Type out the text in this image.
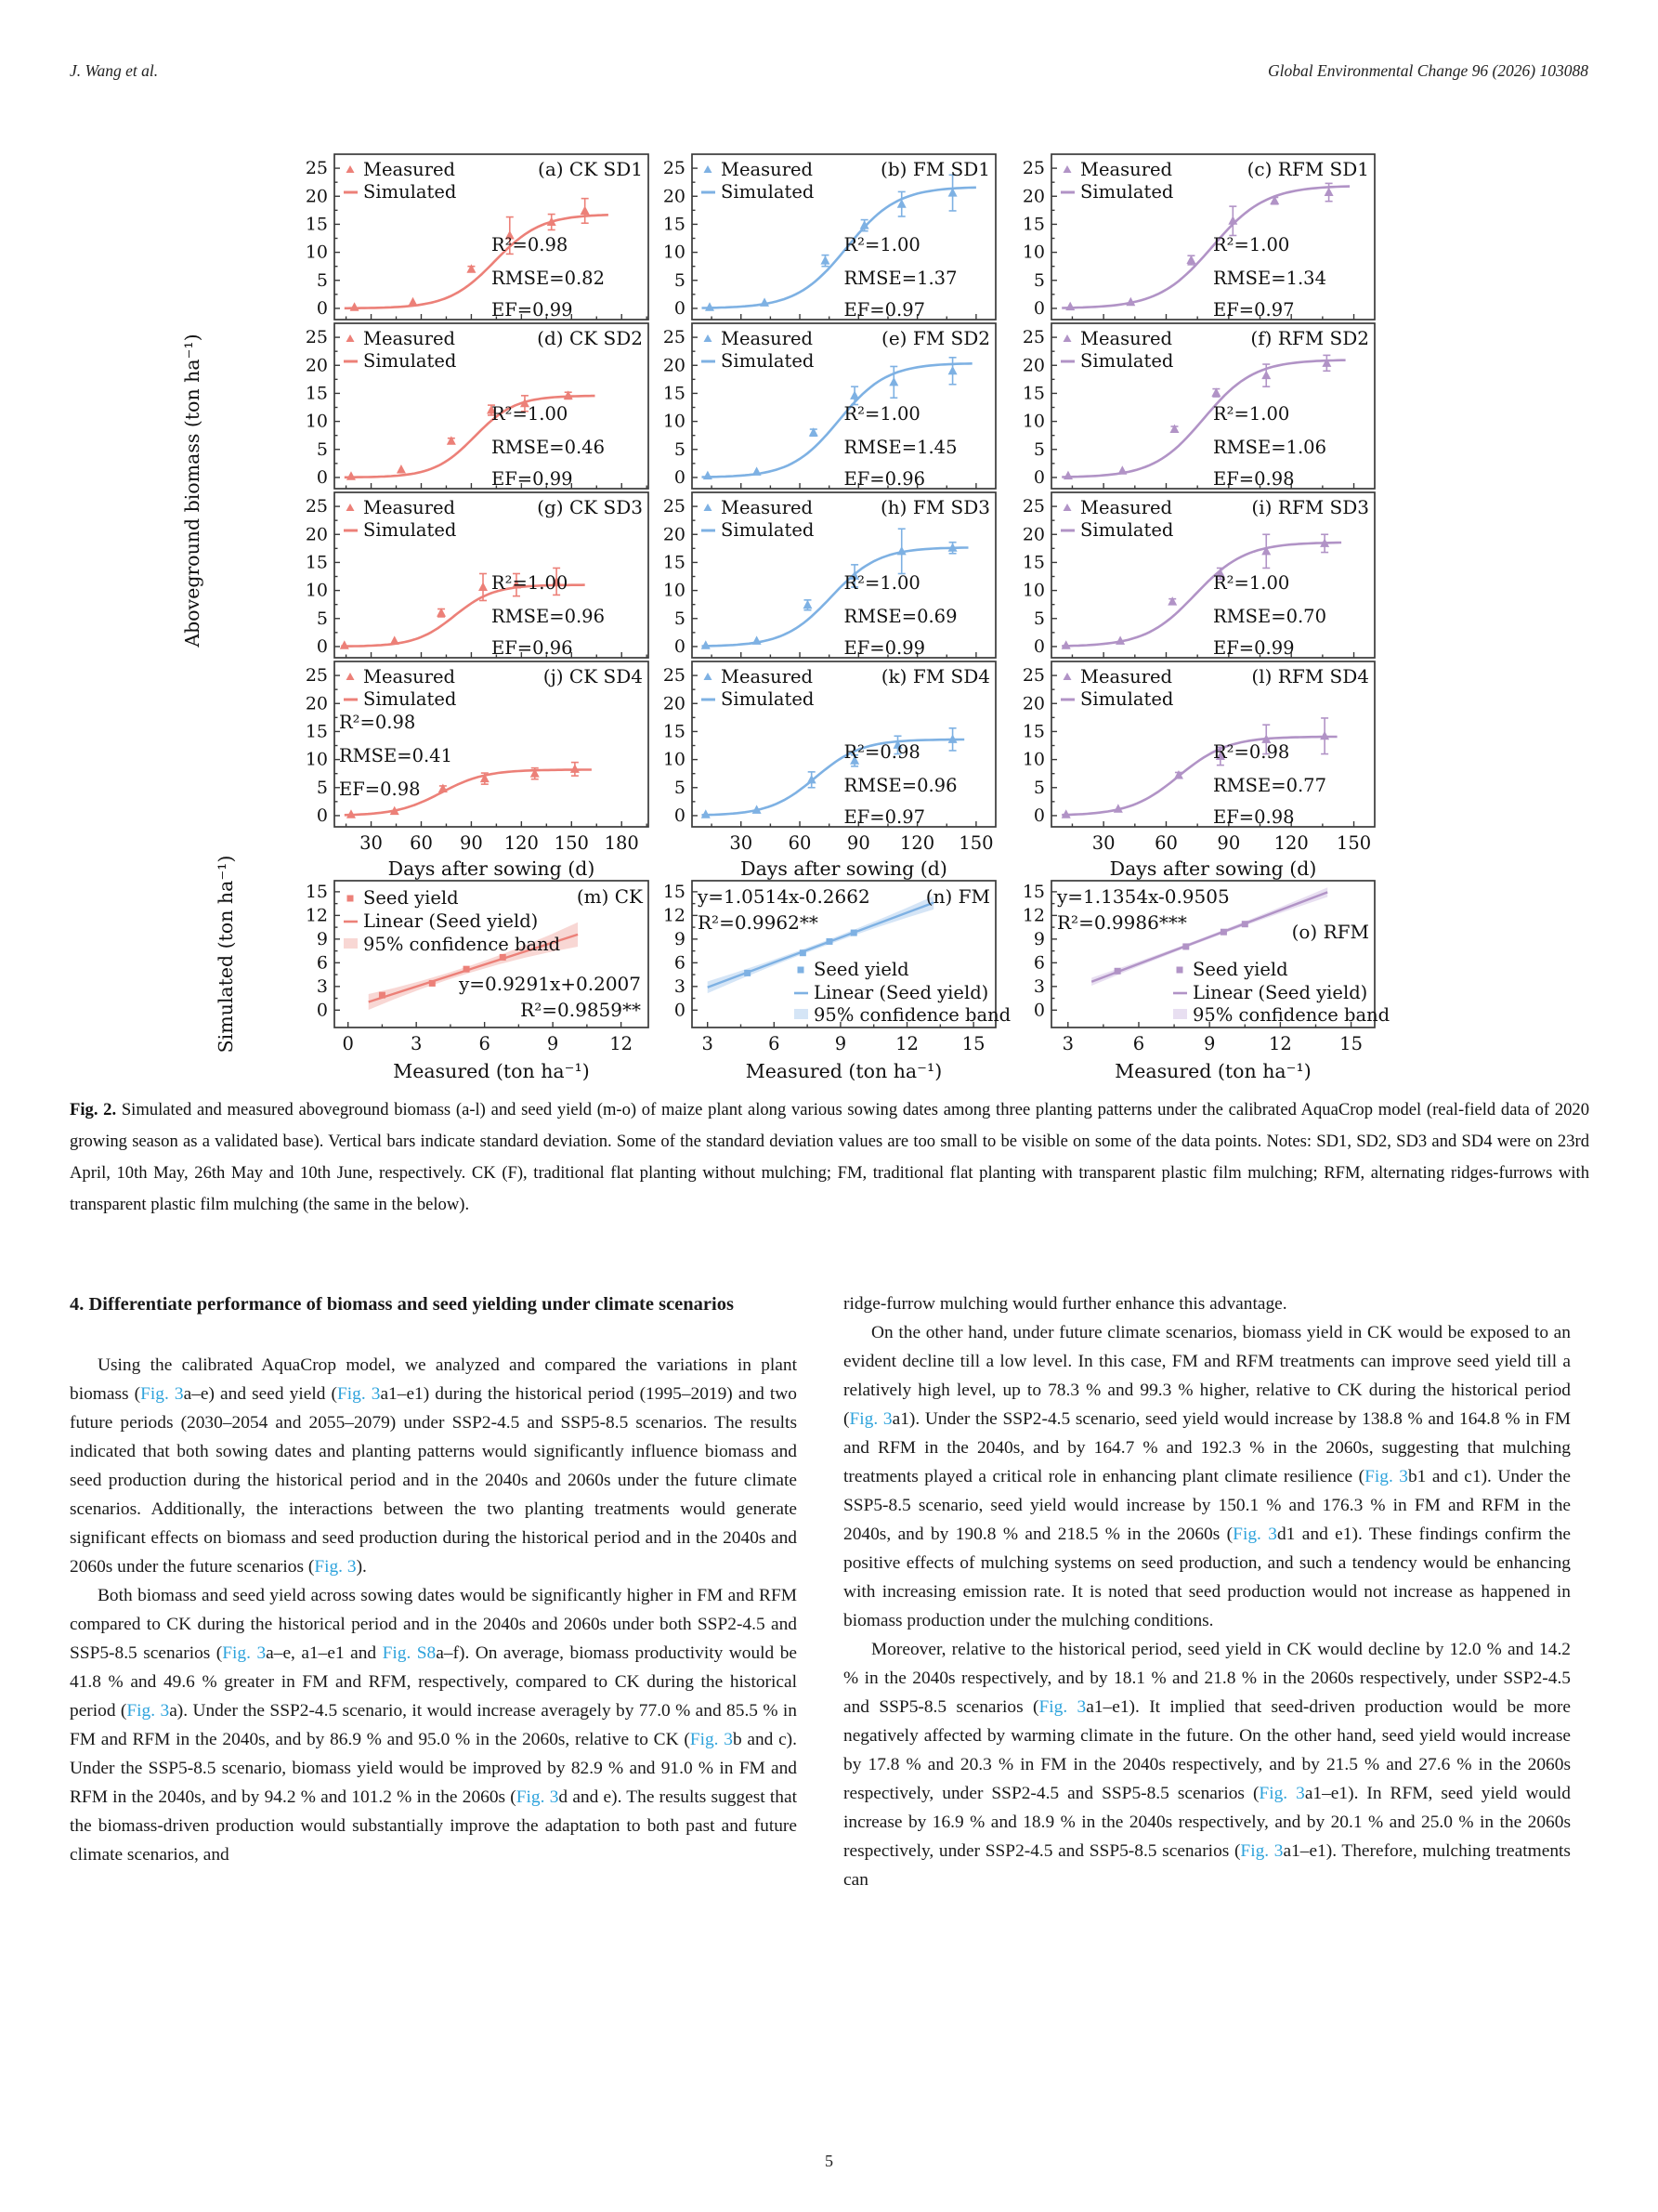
J. Wang et al.	Global Environmental Change 96 (2026) 103088
Aboveground biomass (ton ha⁻¹)
Simulated (ton ha⁻¹)	Days after sowing (d)
Measured (ton ha⁻¹)
Days after sowing (d)
Measured (ton ha⁻¹)
Days after sowing (d)
Measured (ton ha⁻¹)
0
5
10
15
20
25 Measured
Simulated
(a) CK SD1
R²=0.98
RMSE=0.82
EF=0.99	0
5
10
15
20
25 Measured
Simulated
(b) FM SD1
R²=1.00
RMSE=1.37
EF=0.97	0
5
10
15
20
25 Measured
Simulated
(c) RFM SD1
R²=1.00
RMSE=1.34
EF=0.97
0
5
10
15
20
25 Measured
Simulated
(d) CK SD2
R²=1.00
RMSE=0.46
EF=0.99	0
5
10
15
20
25 Measured
Simulated
(e) FM SD2
R²=1.00
RMSE=1.45
EF=0.96	0
5
10
15
20
25 Measured
Simulated
(f) RFM SD2
R²=1.00
RMSE=1.06
EF=0.98
0
5
10
15
20
25 Measured
Simulated
(g) CK SD3
R²=1.00
RMSE=0.96
EF=0.96	0
5
10
15
20
25 Measured
Simulated
(h) FM SD3
R²=1.00
RMSE=0.69
EF=0.99	0
5
10
15
20
25 Measured
Simulated
(i) RFM SD3
R²=1.00
RMSE=0.70
EF=0.99
0
5
10
15
20
25
30 60 90 120 150 180
Measured
Simulated
(j) CK SD4
R²=0.98
RMSE=0.41
EF=0.98
0
5
10
15
20
25
30 60 90 120 150
Measured
Simulated
(k) FM SD4
R²=0.98
RMSE=0.96
EF=0.97	0
5
10
15
20
25
30 60 90 120 150
Measured
Simulated
(l) RFM SD4
R²=0.98
RMSE=0.77
EF=0.98
0
3
6
9
12
15
0	3	6	9	12
y=0.9291x+0.2007
R²=0.9859**
(m) CK
Seed yield
Linear (Seed yield)
95% confidence band
0
3
6
9
12
15
3	6	9	12 15
y=1.0514x-0.2662
R²=0.9962**
(n) FM
Seed yield
Linear (Seed yield)
95% confidence band 0
3
6
9
12
15
3	6	9	12	15
y=1.1354x-0.9505
R²=0.9986***	(o) RFM
Seed yield
Linear (Seed yield)
95% confidence band
Fig. 2. Simulated and measured aboveground biomass (a-l) and seed yield (m-o) of maize plant along various sowing dates among three planting patterns under the calibrated AquaCrop model (real-field data of 2020 growing season as a validated base). Vertical bars indicate standard deviation. Some of the standard deviation values are too small to be visible on some of the data points. Notes: SD1, SD2, SD3 and SD4 were on 23rd April, 10th May, 26th May and 10th June, respectively. CK (F), traditional flat planting without mulching; FM, traditional flat planting with transparent plastic film mulching; RFM, alternating ridges-furrows with transparent plastic film mulching (the same in the below).
4. Differentiate performance of biomass and seed yielding under climate scenarios

Using the calibrated AquaCrop model, we analyzed and compared the variations in plant biomass (Fig. 3a–e) and seed yield (Fig. 3a1–e1) during the historical period (1995–2019) and two future periods (2030–2054 and 2055–2079) under SSP2-4.5 and SSP5-8.5 scenarios. The results indicated that both sowing dates and planting patterns would significantly influence biomass and seed production during the historical period and in the 2040s and 2060s under the future climate scenarios. Additionally, the interactions between the two planting treatments would generate significant effects on biomass and seed production during the historical period and in the 2040s and 2060s under the future scenarios (Fig. 3).

Both biomass and seed yield across sowing dates would be significantly higher in FM and RFM compared to CK during the historical period and in the 2040s and 2060s under both SSP2-4.5 and SSP5-8.5 scenarios (Fig. 3a–e, a1–e1 and Fig. S8a–f). On average, biomass productivity would be 41.8 % and 49.6 % greater in FM and RFM, respectively, compared to CK during the historical period (Fig. 3a). Under the SSP2-4.5 scenario, it would increase averagely by 77.0 % and 85.5 % in FM and RFM in the 2040s, and by 86.9 % and 95.0 % in the 2060s, relative to CK (Fig. 3b and c). Under the SSP5-8.5 scenario, biomass yield would be improved by 82.9 % and 91.0 % in FM and RFM in the 2040s, and by 94.2 % and 101.2 % in the 2060s (Fig. 3d and e). The results suggest that the biomass-driven production would substantially improve the adaptation to both past and future climate scenarios, and

ridge-furrow mulching would further enhance this advantage.

On the other hand, under future climate scenarios, biomass yield in CK would be exposed to an evident decline till a low level. In this case, FM and RFM treatments can improve seed yield till a relatively high level, up to 78.3 % and 99.3 % higher, relative to CK during the historical period (Fig. 3a1). Under the SSP2-4.5 scenario, seed yield would increase by 138.8 % and 164.8 % in FM and RFM in the 2040s, and by 164.7 % and 192.3 % in the 2060s, suggesting that mulching treatments played a critical role in enhancing plant climate resilience (Fig. 3b1 and c1). Under the SSP5-8.5 scenario, seed yield would increase by 150.1 % and 176.3 % in FM and RFM in the 2040s, and by 190.8 % and 218.5 % in the 2060s (Fig. 3d1 and e1). These findings confirm the positive effects of mulching systems on seed production, and such a tendency would be enhancing with increasing emission rate. It is noted that seed production would not increase as happened in biomass production under the mulching conditions.

Moreover, relative to the historical period, seed yield in CK would decline by 12.0 % and 14.2 % in the 2040s respectively, and by 18.1 % and 21.8 % in the 2060s respectively, under SSP2-4.5 and SSP5-8.5 scenarios (Fig. 3a1–e1). It implied that seed-driven production would be more negatively affected by warming climate in the future. On the other hand, seed yield would increase by 17.8 % and 20.3 % in FM in the 2040s respectively, and by 21.5 % and 27.6 % in the 2060s respectively, under SSP2-4.5 and SSP5-8.5 scenarios (Fig. 3a1–e1). In RFM, seed yield would increase by 16.9 % and 18.9 % in the 2040s respectively, and by 20.1 % and 25.0 % in the 2060s respectively, under SSP2-4.5 and SSP5-8.5 scenarios (Fig. 3a1–e1). Therefore, mulching treatments can

5
